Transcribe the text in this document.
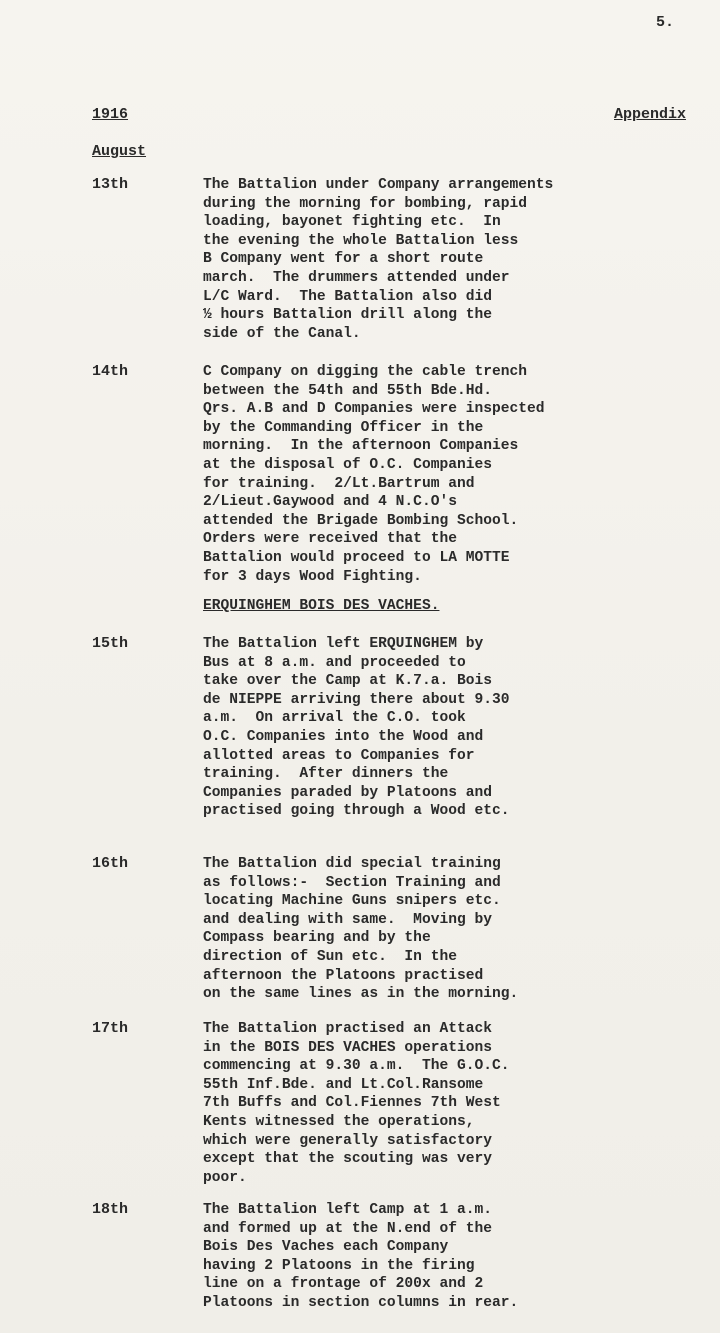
5.
1916	Appendix
August
13th	The Battalion under Company arrangements
during the morning for bombing, rapid
loading, bayonet fighting etc.  In
the evening the whole Battalion less
B Company went for a short route
march.  The drummers attended under
L/C Ward.  The Battalion also did
½ hours Battalion drill along the
side of the Canal.
14th	C Company on digging the cable trench
between the 54th and 55th Bde.Hd.
Qrs. A.B and D Companies were inspected
by the Commanding Officer in the
morning.  In the afternoon Companies
at the disposal of O.C. Companies
for training.  2/Lt.Bartrum and
2/Lieut.Gaywood and 4 N.C.O's
attended the Brigade Bombing School.
Orders were received that the
Battalion would proceed to LA MOTTE
for 3 days Wood Fighting.
ERQUINGHEM BOIS DES VACHES.
15th	The Battalion left ERQUINGHEM by
Bus at 8 a.m. and proceeded to
take over the Camp at K.7.a. Bois
de NIEPPE arriving there about 9.30
a.m.  On arrival the C.O. took
O.C. Companies into the Wood and
allotted areas to Companies for
training.  After dinners the
Companies paraded by Platoons and
practised going through a Wood etc.
16th	The Battalion did special training
as follows:-  Section Training and
locating Machine Guns snipers etc.
and dealing with same.  Moving by
Compass bearing and by the
direction of Sun etc.  In the
afternoon the Platoons practised
on the same lines as in the morning.
17th	The Battalion practised an Attack
in the BOIS DES VACHES operations
commencing at 9.30 a.m.  The G.O.C.
55th Inf.Bde. and Lt.Col.Ransome
7th Buffs and Col.Fiennes 7th West
Kents witnessed the operations,
which were generally satisfactory
except that the scouting was very
poor.
18th	The Battalion left Camp at 1 a.m.
and formed up at the N.end of the
Bois Des Vaches each Company
having 2 Platoons in the firing
line on a frontage of 200x and 2
Platoons in section columns in rear.
